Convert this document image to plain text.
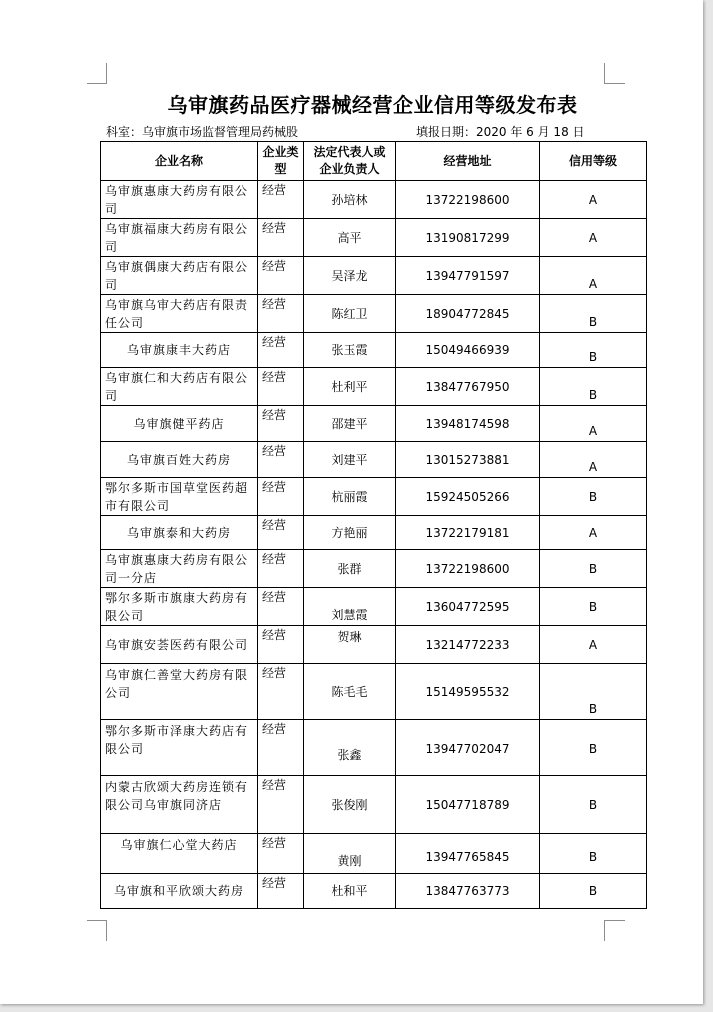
乌审旗药品医疗器械经营企业信用等级发布表
科室：乌审旗市场监督管理局药械股	填报日期：2020 年 6 月 18 日
企业名称	企业类型	法定代表人或企业负责人	经营地址	信用等级
乌审旗惠康大药房有限公司	经营	孙培林	13722198600	A
乌审旗福康大药房有限公司	经营	高平	13190817299	A
乌审旗偶康大药店有限公司	经营	吴泽龙	13947791597	A
乌审旗乌审大药店有限责任公司	经营	陈红卫	18904772845	B
乌审旗康丰大药店	经营	张玉霞	15049466939	B
乌审旗仁和大药店有限公司	经营	杜利平	13847767950	B
乌审旗健平药店	经营	邵建平	13948174598	A
乌审旗百姓大药房	经营	刘建平	13015273881	A
鄂尔多斯市国草堂医药超市有限公司	经营	杭丽霞	15924505266	B
乌审旗泰和大药房	经营	方艳丽	13722179181	A
乌审旗惠康大药房有限公司一分店	经营	张群	13722198600	B
鄂尔多斯市旗康大药房有限公司	经营	刘慧霞	13604772595	B
乌审旗安荟医药有限公司	经营	贺琳	13214772233	A
乌审旗仁善堂大药房有限公司	经营	陈毛毛	15149595532	B
鄂尔多斯市泽康大药店有限公司	经营	张鑫	13947702047	B
内蒙古欣颂大药房连锁有限公司乌审旗同济店	经营	张俊刚	15047718789	B
乌审旗仁心堂大药店	经营	黄刚	13947765845	B
乌审旗和平欣颂大药房	经营	杜和平	13847763773	B
